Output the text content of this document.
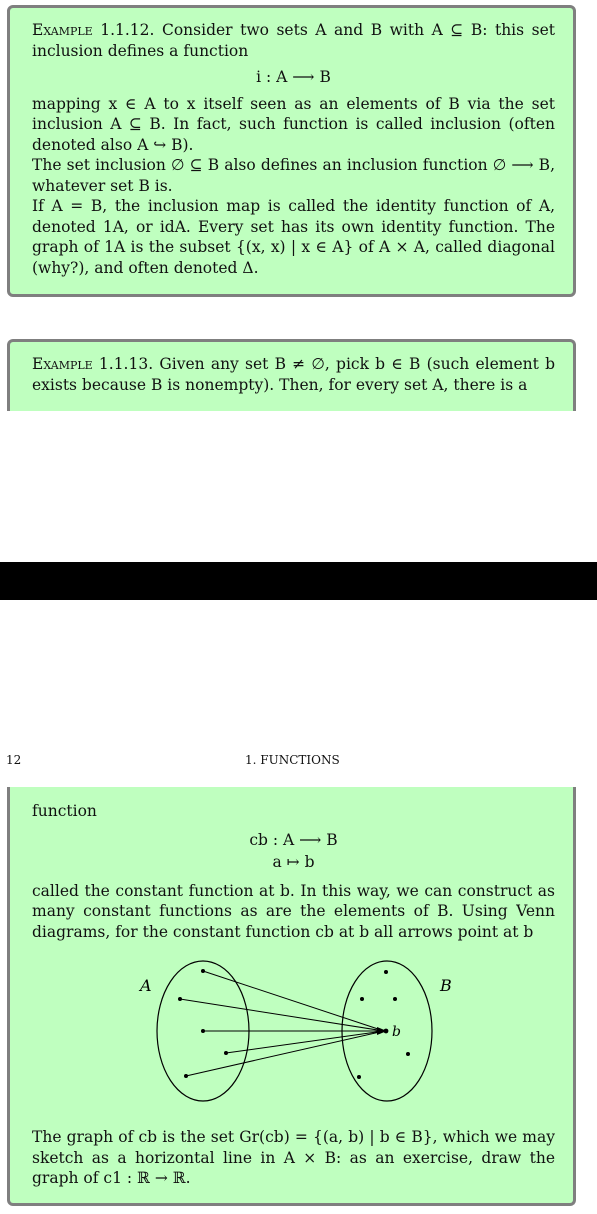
Example 1.1.12. Consider two sets A and B with A ⊆ B: this set inclusion defines a function

i : A ⟶ B

mapping x ∈ A to x itself seen as an elements of B via the set inclusion A ⊆ B. In fact, such function is called inclusion (often denoted also A ↪ B).

The set inclusion ∅ ⊆ B also defines an inclusion function ∅ ⟶ B, whatever set B is.

If A = B, the inclusion map is called the identity function of A, denoted 1A, or idA. Every set has its own identity function. The graph of 1A is the subset {(x, x) | x ∈ A} of A × A, called diagonal (why?), and often denoted Δ.

Example 1.1.13. Given any set B ≠ ∅, pick b ∈ B (such element b exists because B is nonempty). Then, for every set A, there is a

12	1. FUNCTIONS

function

cb : A ⟶ B

a ↦ b

called the constant function at b. In this way, we can construct as many constant functions as are the elements of B. Using Venn diagrams, for the constant function cb at b all arrows point at b

A	B
b

The graph of cb is the set Gr(cb) = {(a, b) | b ∈ B}, which we may sketch as a horizontal line in A × B: as an exercise, draw the graph of c1 : ℝ → ℝ.
